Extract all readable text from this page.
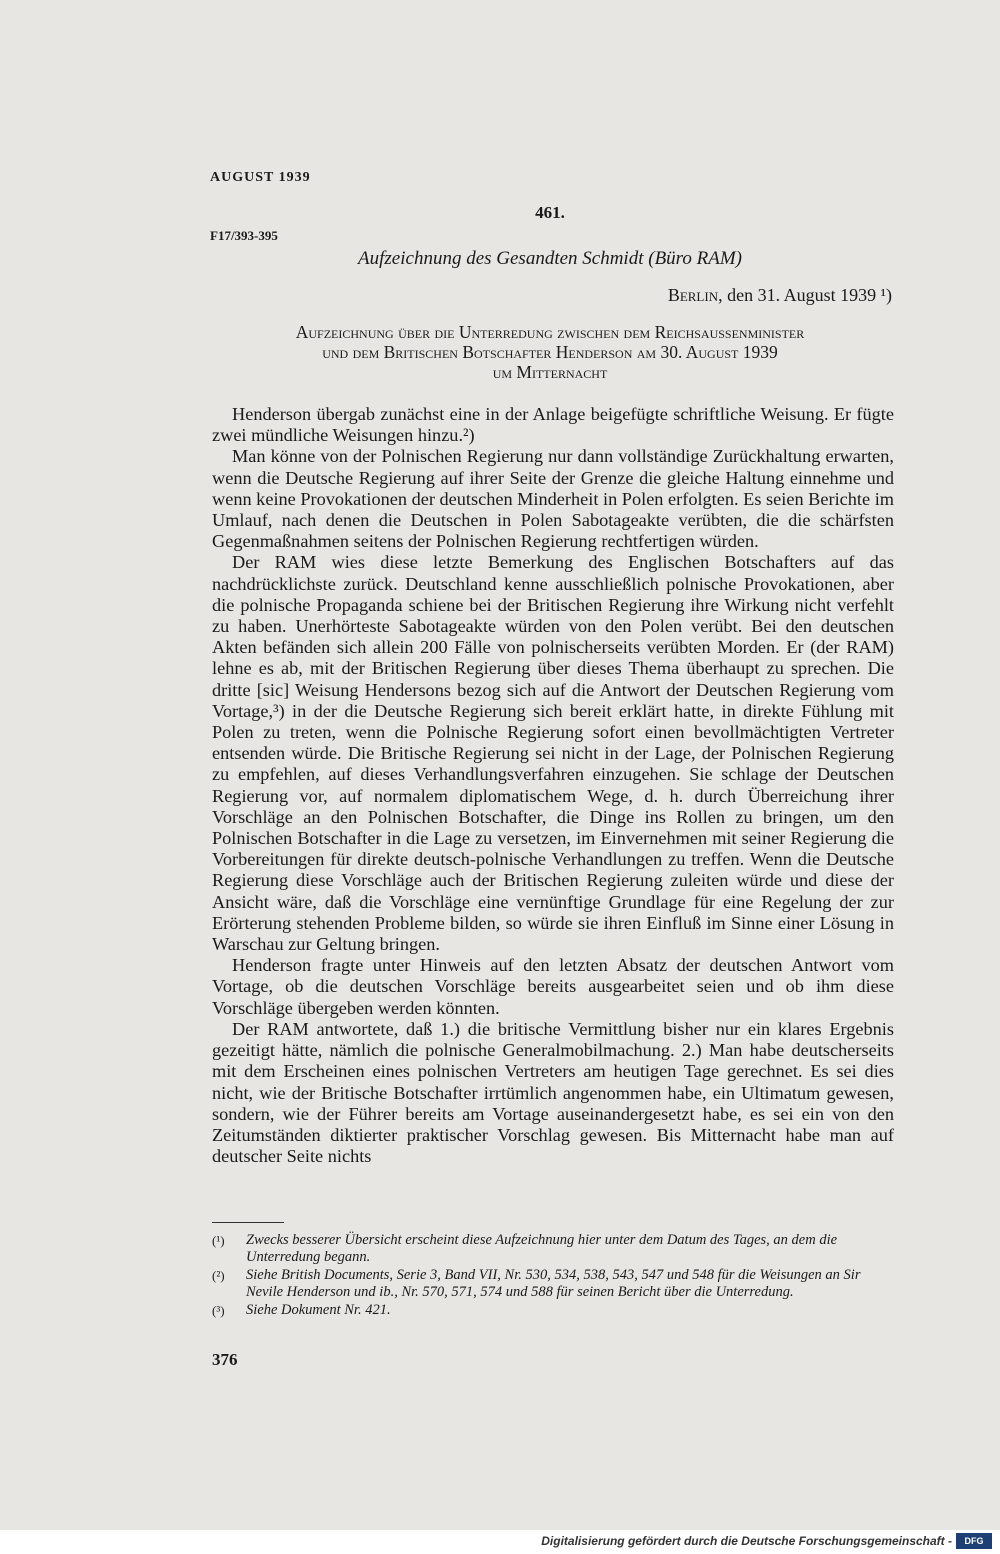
AUGUST 1939
461.
F17/393-395
Aufzeichnung des Gesandten Schmidt (Büro RAM)
Berlin, den 31. August 1939 ¹)
Aufzeichnung über die Unterredung zwischen dem Reichsaussenminister
und dem Britischen Botschafter Henderson am 30. August 1939
um Mitternacht

Henderson übergab zunächst eine in der Anlage beigefügte schriftliche Weisung. Er fügte zwei mündliche Weisungen hinzu.²)

Man könne von der Polnischen Regierung nur dann vollständige Zurückhaltung erwarten, wenn die Deutsche Regierung auf ihrer Seite der Grenze die gleiche Haltung einnehme und wenn keine Provokationen der deutschen Minderheit in Polen erfolgten. Es seien Berichte im Umlauf, nach denen die Deutschen in Polen Sabotageakte verübten, die die schärfsten Gegenmaßnahmen seitens der Polnischen Regierung rechtfertigen würden.

Der RAM wies diese letzte Bemerkung des Englischen Botschafters auf das nachdrücklichste zurück. Deutschland kenne ausschließlich polnische Provokationen, aber die polnische Propaganda schiene bei der Britischen Regierung ihre Wirkung nicht verfehlt zu haben. Unerhörteste Sabotageakte würden von den Polen verübt. Bei den deutschen Akten befänden sich allein 200 Fälle von polnischerseits verübten Morden. Er (der RAM) lehne es ab, mit der Britischen Regierung über dieses Thema überhaupt zu sprechen. Die dritte [sic] Weisung Hendersons bezog sich auf die Antwort der Deutschen Regierung vom Vortage,³) in der die Deutsche Regierung sich bereit erklärt hatte, in direkte Fühlung mit Polen zu treten, wenn die Polnische Regierung sofort einen bevollmächtigten Vertreter entsenden würde. Die Britische Regierung sei nicht in der Lage, der Polnischen Regierung zu empfehlen, auf dieses Verhandlungsverfahren einzugehen. Sie schlage der Deutschen Regierung vor, auf normalem diplomatischem Wege, d. h. durch Überreichung ihrer Vorschläge an den Polnischen Botschafter, die Dinge ins Rollen zu bringen, um den Polnischen Botschafter in die Lage zu versetzen, im Einvernehmen mit seiner Regierung die Vorbereitungen für direkte deutsch-polnische Verhandlungen zu treffen. Wenn die Deutsche Regierung diese Vorschläge auch der Britischen Regierung zuleiten würde und diese der Ansicht wäre, daß die Vorschläge eine vernünftige Grundlage für eine Regelung der zur Erörterung stehenden Probleme bilden, so würde sie ihren Einfluß im Sinne einer Lösung in Warschau zur Geltung bringen.

Henderson fragte unter Hinweis auf den letzten Absatz der deutschen Antwort vom Vortage, ob die deutschen Vorschläge bereits ausgearbeitet seien und ob ihm diese Vorschläge übergeben werden könnten.

Der RAM antwortete, daß 1.) die britische Vermittlung bisher nur ein klares Ergebnis gezeitigt hätte, nämlich die polnische Generalmobilmachung. 2.) Man habe deutscherseits mit dem Erscheinen eines polnischen Vertreters am heutigen Tage gerechnet. Es sei dies nicht, wie der Britische Botschafter irrtümlich angenommen habe, ein Ultimatum gewesen, sondern, wie der Führer bereits am Vortage auseinandergesetzt habe, es sei ein von den Zeitumständen diktierter praktischer Vorschlag gewesen. Bis Mitternacht habe man auf deutscher Seite nichts

(¹)	Zwecks besserer Übersicht erscheint diese Aufzeichnung hier unter dem Datum des Tages, an dem die Unterredung begann.
(²)	Siehe British Documents, Serie 3, Band VII, Nr. 530, 534, 538, 543, 547 und 548 für die Weisungen an Sir Nevile Henderson und ib., Nr. 570, 571, 574 und 588 für seinen Bericht über die Unterredung.
(³)	Siehe Dokument Nr. 421.
376
Digitalisierung gefördert durch die Deutsche Forschungsgemeinschaft -	DFG
